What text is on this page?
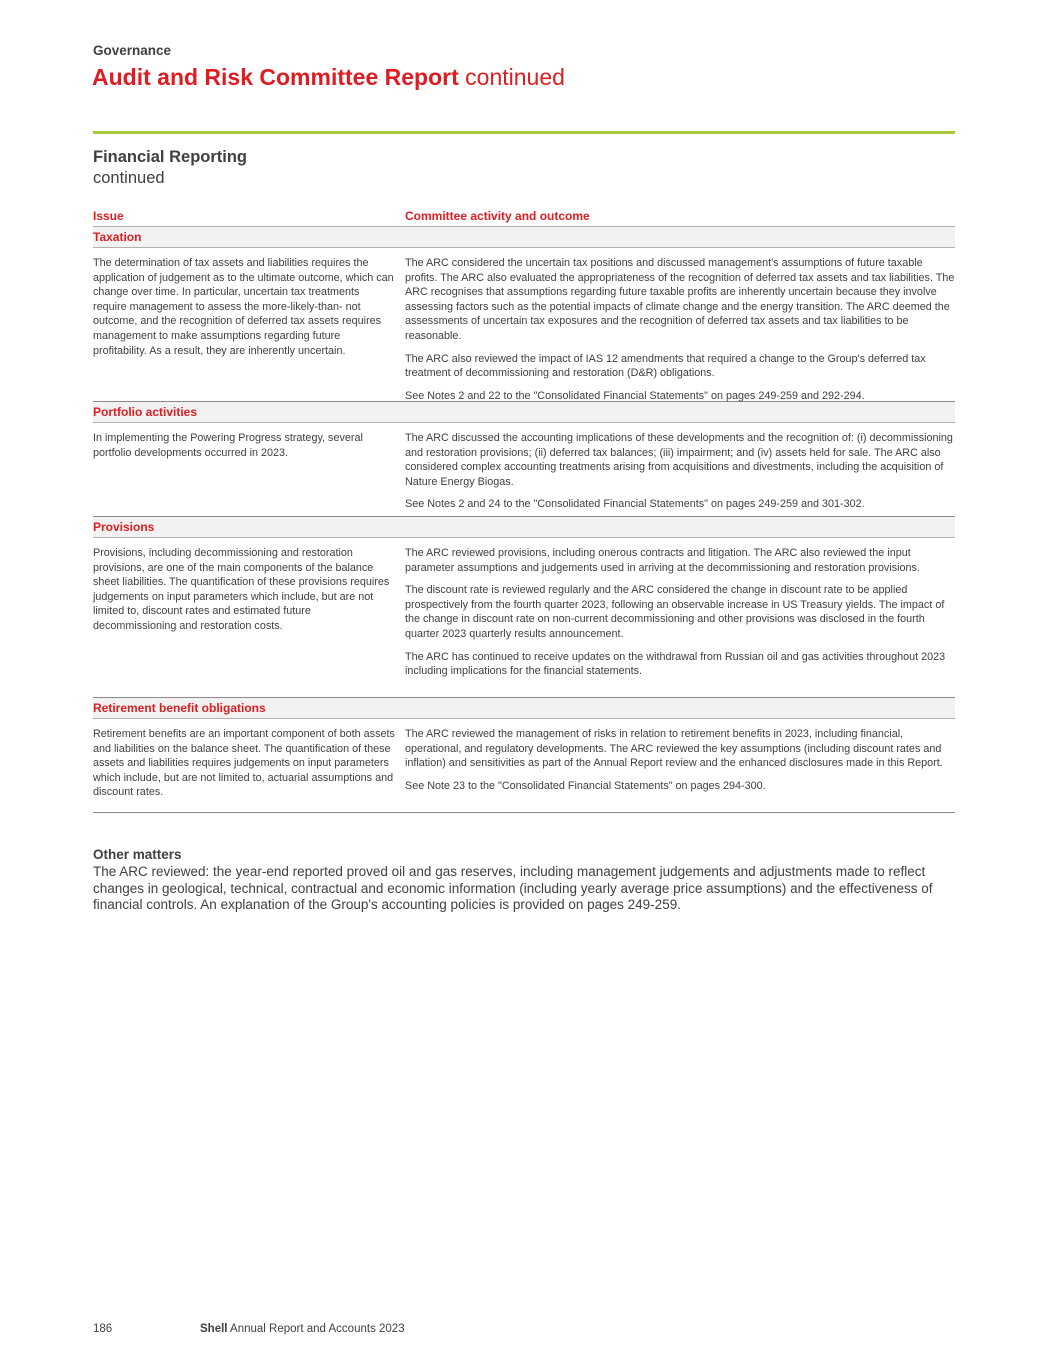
Governance
Audit and Risk Committee Report continued
Financial Reporting
continued
Issue	Committee activity and outcome
Taxation

The determination of tax assets and liabilities requires the application of judgement as to the ultimate outcome, which can change over time. In particular, uncertain tax treatments require management to assess the more-likely-than- not outcome, and the recognition of deferred tax assets requires management to make assumptions regarding future profitability. As a result, they are inherently uncertain.

The ARC considered the uncertain tax positions and discussed management's assumptions of future taxable profits. The ARC also evaluated the appropriateness of the recognition of deferred tax assets and tax liabilities. The ARC recognises that assumptions regarding future taxable profits are inherently uncertain because they involve assessing factors such as the potential impacts of climate change and the energy transition. The ARC deemed the assessments of uncertain tax exposures and the recognition of deferred tax assets and tax liabilities to be reasonable.

The ARC also reviewed the impact of IAS 12 amendments that required a change to the Group's deferred tax treatment of decommissioning and restoration (D&R) obligations.

See Notes 2 and 22 to the "Consolidated Financial Statements" on pages 249-259 and 292-294.

Portfolio activities

In implementing the Powering Progress strategy, several portfolio developments occurred in 2023.

The ARC discussed the accounting implications of these developments and the recognition of: (i) decommissioning and restoration provisions; (ii) deferred tax balances; (iii) impairment; and (iv) assets held for sale. The ARC also considered complex accounting treatments arising from acquisitions and divestments, including the acquisition of Nature Energy Biogas.

See Notes 2 and 24 to the "Consolidated Financial Statements" on pages 249-259 and 301-302.

Provisions

Provisions, including decommissioning and restoration provisions, are one of the main components of the balance sheet liabilities. The quantification of these provisions requires judgements on input parameters which include, but are not limited to, discount rates and estimated future decommissioning and restoration costs.

The ARC reviewed provisions, including onerous contracts and litigation. The ARC also reviewed the input parameter assumptions and judgements used in arriving at the decommissioning and restoration provisions.

The discount rate is reviewed regularly and the ARC considered the change in discount rate to be applied prospectively from the fourth quarter 2023, following an observable increase in US Treasury yields. The impact of the change in discount rate on non-current decommissioning and other provisions was disclosed in the fourth quarter 2023 quarterly results announcement.

The ARC has continued to receive updates on the withdrawal from Russian oil and gas activities throughout 2023 including implications for the financial statements.

Retirement benefit obligations

Retirement benefits are an important component of both assets and liabilities on the balance sheet. The quantification of these assets and liabilities requires judgements on input parameters which include, but are not limited to, actuarial assumptions and discount rates.

The ARC reviewed the management of risks in relation to retirement benefits in 2023, including financial, operational, and regulatory developments. The ARC reviewed the key assumptions (including discount rates and inflation) and sensitivities as part of the Annual Report review and the enhanced disclosures made in this Report.

See Note 23 to the "Consolidated Financial Statements" on pages 294-300.

Other matters
The ARC reviewed: the year-end reported proved oil and gas reserves, including management judgements and adjustments made to reflect changes in geological, technical, contractual and economic information (including yearly average price assumptions) and the effectiveness of financial controls. An explanation of the Group's accounting policies is provided on pages 249-259.
186	Shell Annual Report and Accounts 2023
